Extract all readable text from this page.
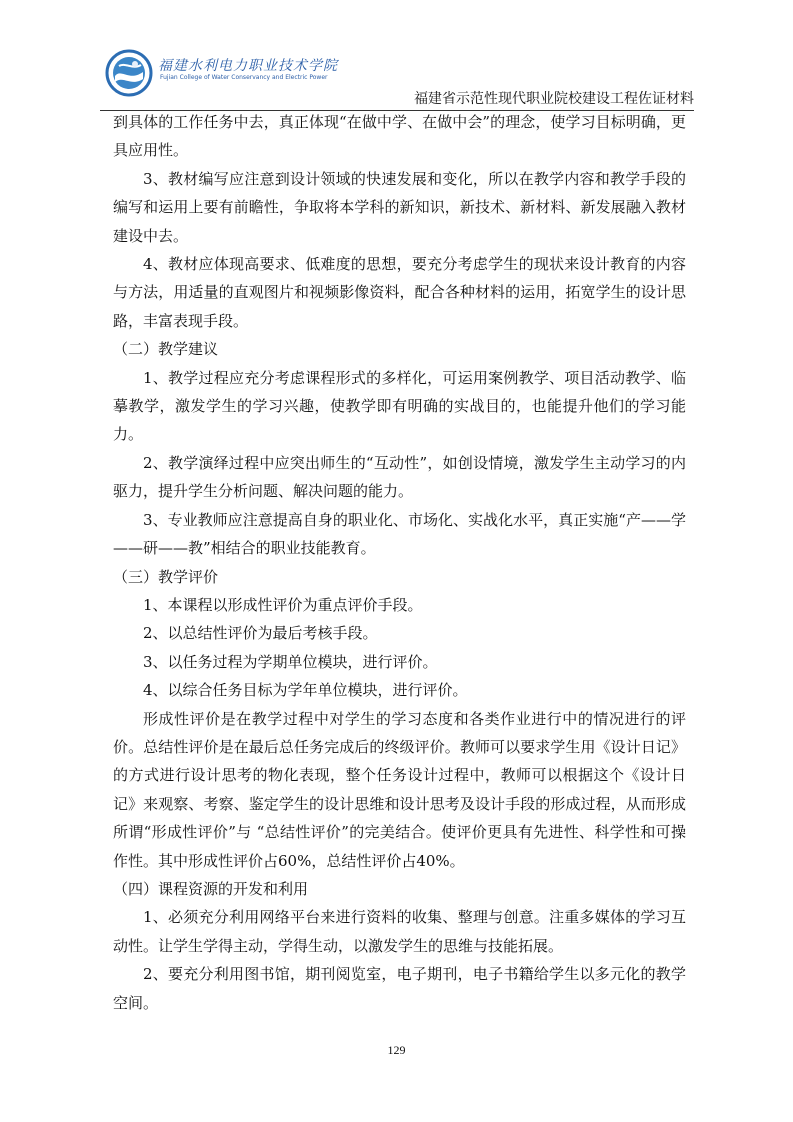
福建水利电力职业技术学院
Fujian College of Water Conservancy and Electric Power
福建省示范性现代职业院校建设工程佐证材料

到具体的工作任务中去，真正体现“在做中学、在做中会”的理念，使学习目标明确，更具应用性。

3、教材编写应注意到设计领域的快速发展和变化，所以在教学内容和教学手段的编写和运用上要有前瞻性，争取将本学科的新知识，新技术、新材料、新发展融入教材建设中去。

4、教材应体现高要求、低难度的思想，要充分考虑学生的现状来设计教育的内容与方法，用适量的直观图片和视频影像资料，配合各种材料的运用，拓宽学生的设计思路，丰富表现手段。

（二）教学建议

1、教学过程应充分考虑课程形式的多样化，可运用案例教学、项目活动教学、临摹教学，激发学生的学习兴趣，使教学即有明确的实战目的，也能提升他们的学习能力。

2、教学演绎过程中应突出师生的“互动性”，如创设情境，激发学生主动学习的内驱力，提升学生分析问题、解决问题的能力。

3、专业教师应注意提高自身的职业化、市场化、实战化水平，真正实施“产——学——研——教”相结合的职业技能教育。

（三）教学评价

1、本课程以形成性评价为重点评价手段。

2、以总结性评价为最后考核手段。

3、以任务过程为学期单位模块，进行评价。

4、以综合任务目标为学年单位模块，进行评价。

形成性评价是在教学过程中对学生的学习态度和各类作业进行中的情况进行的评价。总结性评价是在最后总任务完成后的终级评价。教师可以要求学生用《设计日记》的方式进行设计思考的物化表现，整个任务设计过程中，教师可以根据这个《设计日记》来观察、考察、鉴定学生的设计思维和设计思考及设计手段的形成过程，从而形成所谓“形成性评价”与 “总结性评价”的完美结合。使评价更具有先进性、科学性和可操作性。其中形成性评价占60%，总结性评价占40%。

（四）课程资源的开发和利用

1、必须充分利用网络平台来进行资料的收集、整理与创意。注重多媒体的学习互动性。让学生学得主动，学得生动，以激发学生的思维与技能拓展。

2、要充分利用图书馆，期刊阅览室，电子期刊，电子书籍给学生以多元化的教学空间。

129
